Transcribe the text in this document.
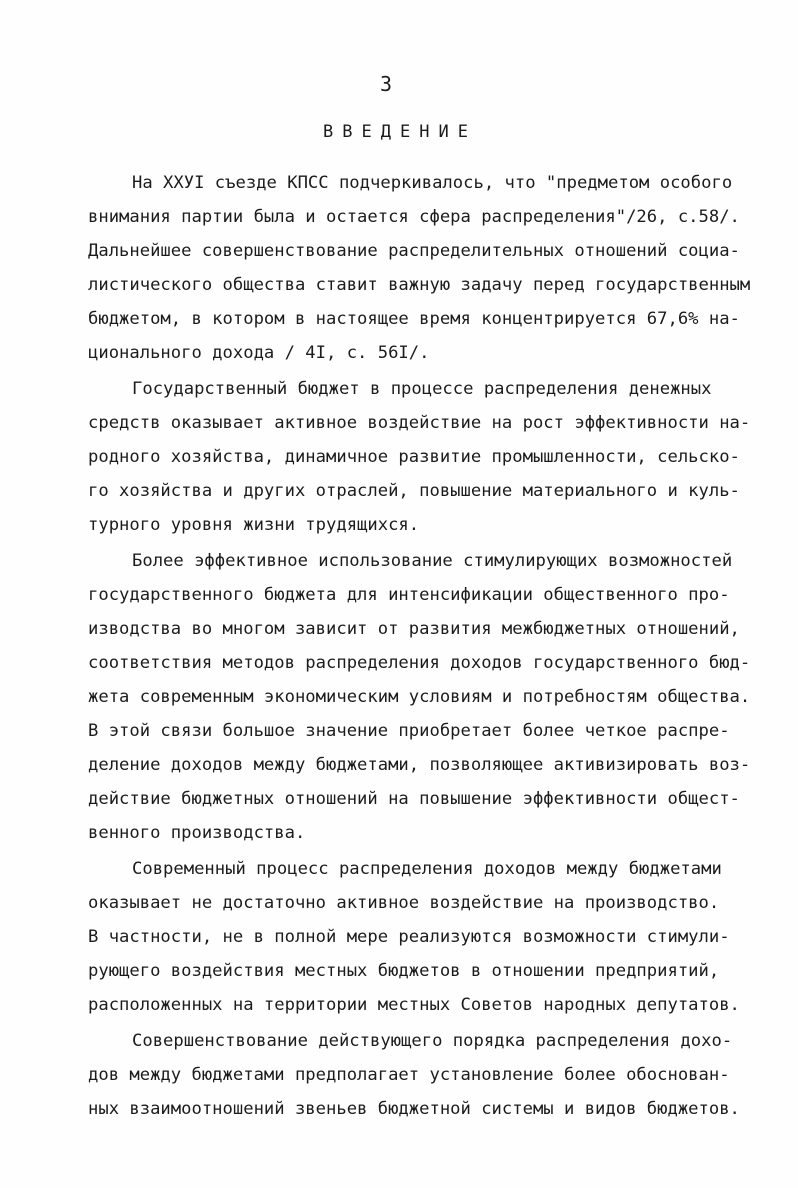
3
ВВЕДЕНИЕ
На XXУI съезде КПСС подчеркивалось, что "предметом особого
внимания партии была и остается сфера распределения"/26, с.58/.
Дальнейшее совершенствование распределительных отношений социа-
листического общества ставит важную задачу перед государственным
бюджетом, в котором в настоящее время концентрируется 67,6% на-
ционального дохода / 4I, с. 56I/.
Государственный бюджет в процессе распределения денежных
средств оказывает активное воздействие на рост эффективности на-
родного хозяйства, динамичное развитие промышленности, сельско-
го хозяйства и других отраслей, повышение материального и куль-
турного уровня жизни трудящихся.
Более эффективное использование стимулирующих возможностей
государственного бюджета для интенсификации общественного про-
изводства во многом зависит от развития межбюджетных отношений,
соответствия методов распределения доходов государственного бюд-
жета современным экономическим условиям и потребностям общества.
В этой связи большое значение приобретает более четкое распре-
деление доходов между бюджетами, позволяющее активизировать воз-
действие бюджетных отношений на повышение эффективности общест-
венного производства.
Современный процесс распределения доходов между бюджетами
оказывает не достаточно активное воздействие на производство.
В частности, не в полной мере реализуются возможности стимули-
рующего воздействия местных бюджетов в отношении предприятий,
расположенных на территории местных Советов народных депутатов.
Совершенствование действующего порядка распределения дохо-
дов между бюджетами предполагает установление более обоснован-
ных взаимоотношений звеньев бюджетной системы и видов бюджетов.
